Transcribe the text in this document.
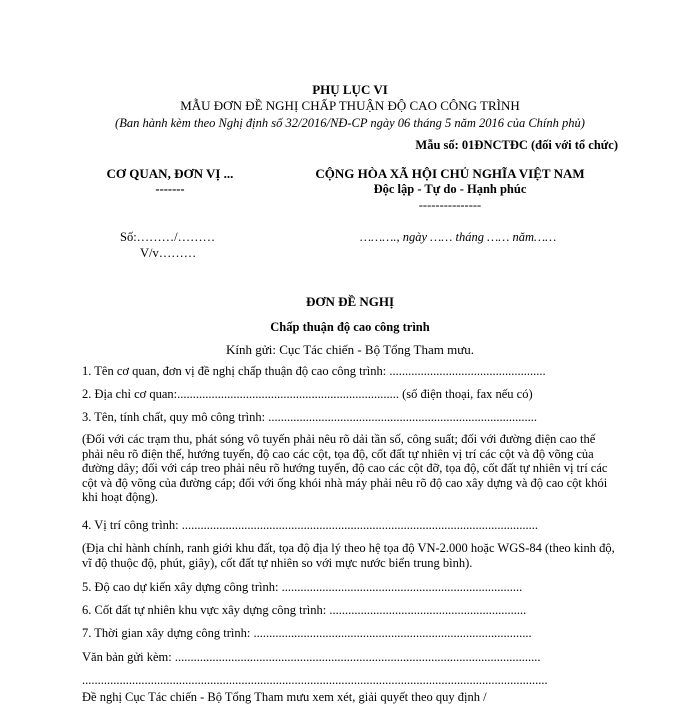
PHỤ LỤC VI
MẪU ĐƠN ĐỀ NGHỊ CHẤP THUẬN ĐỘ CAO CÔNG TRÌNH
(Ban hành kèm theo Nghị định số 32/2016/NĐ-CP ngày 06 tháng 5 năm 2016 của Chính phủ)
Mẫu số: 01ĐNCTĐC (đối với tổ chức)
CƠ QUAN, ĐƠN VỊ ...
-------
CỘNG HÒA XÃ HỘI CHỦ NGHĨA VIỆT NAM
Độc lập - Tự do - Hạnh phúc
---------------
Số:………/………
V/v………
………., ngày …… tháng …… năm……
ĐƠN ĐỀ NGHỊ
Chấp thuận độ cao công trình
Kính gửi: Cục Tác chiến - Bộ Tổng Tham mưu.
1. Tên cơ quan, đơn vị đề nghị chấp thuận độ cao công trình: ..................................................
2. Địa chỉ cơ quan:....................................................................... (số điện thoại, fax nếu có)
3. Tên, tính chất, quy mô công trình: ......................................................................................
(Đối với các trạm thu, phát sóng vô tuyến phải nêu rõ dải tần số, công suất; đối với đường điện cao thế phải nêu rõ điện thế, hướng tuyến, độ cao các cột, tọa độ, cốt đất tự nhiên vị trí các cột và độ võng của đường dây; đối với cáp treo phải nêu rõ hướng tuyến, độ cao các cột đỡ, tọa độ, cốt đất tự nhiên vị trí các cột và độ võng của đường cáp; đối với ống khói nhà máy phải nêu rõ độ cao xây dựng và độ cao cột khói khi hoạt động).
4. Vị trí công trình: ..................................................................................................................
(Địa chỉ hành chính, ranh giới khu đất, tọa độ địa lý theo hệ tọa độ VN-2.000 hoặc WGS-84 (theo kinh độ, vĩ độ thuộc độ, phút, giây), cốt đất tự nhiên so với mực nước biển trung bình).
5. Độ cao dự kiến xây dựng công trình: .............................................................................
6. Cốt đất tự nhiên khu vực xây dựng công trình: ...............................................................
7. Thời gian xây dựng công trình: .........................................................................................
Văn bản gửi kèm: .....................................................................................................................
.....................................................................................................................................................
Đề nghị Cục Tác chiến - Bộ Tổng Tham mưu xem xét, giải quyết theo quy định /
